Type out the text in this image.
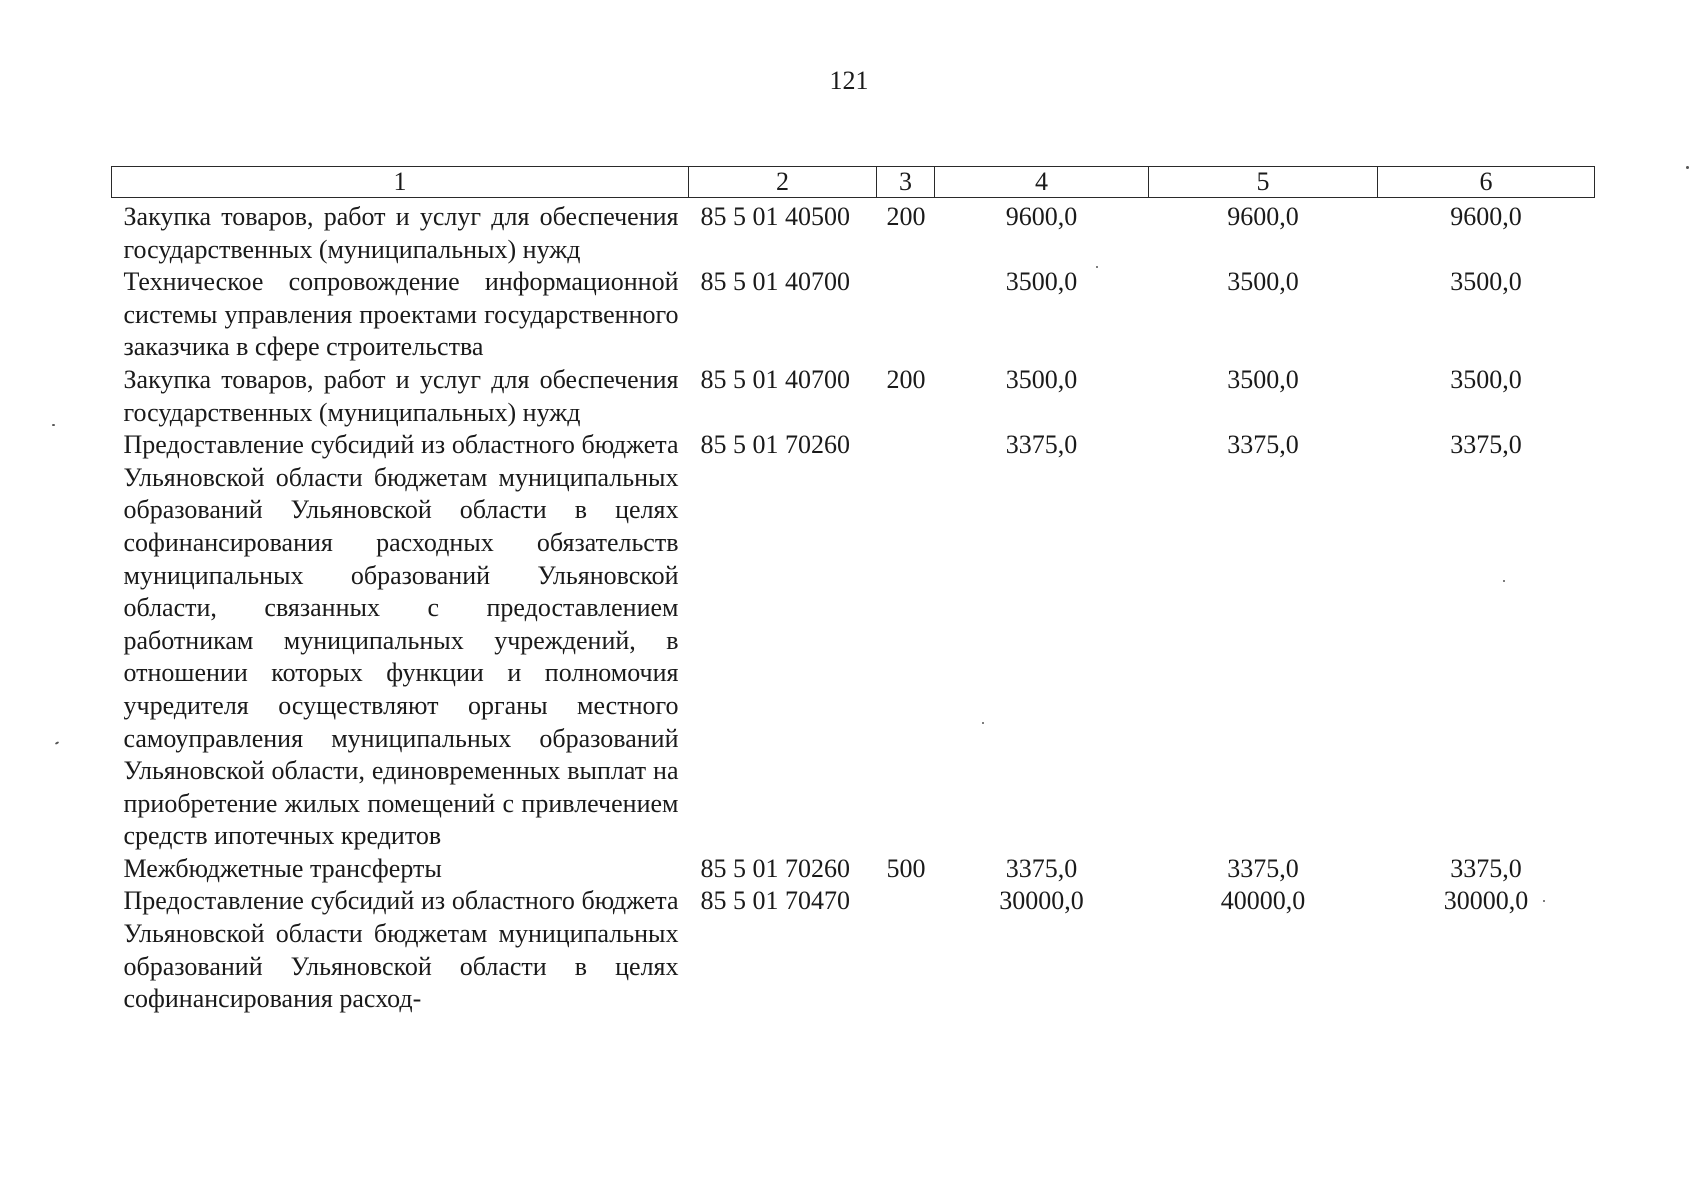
121
1	2	3	4	5	6
Закупка товаров, работ и услуг для обеспечения государственных (муниципальных) нужд	85 5 01 40500	200	9600,0	9600,0	9600,0
Техническое сопровождение информационной системы управления проектами государственного заказчика в сфере строительства	85 5 01 40700		3500,0	3500,0	3500,0
Закупка товаров, работ и услуг для обеспечения государственных (муниципальных) нужд	85 5 01 40700	200	3500,0	3500,0	3500,0
Предоставление субсидий из областного бюджета Ульяновской области бюджетам муниципальных образований Ульяновской области в целях софинансирования расходных обязательств муниципальных образований Ульяновской области, связанных с предоставлением работникам муниципальных учреждений, в отношении которых функции и полномочия учредителя осуществляют органы местного самоуправления муниципальных образований Ульяновской области, единовременных выплат на приобретение жилых помещений с привлечением средств ипотечных кредитов	85 5 01 70260		3375,0	3375,0	3375,0
Межбюджетные трансферты	85 5 01 70260	500	3375,0	3375,0	3375,0
Предоставление субсидий из областного бюджета Ульяновской области бюджетам муниципальных образований Ульяновской области в целях софинансирования расход-	85 5 01 70470		30000,0	40000,0	30000,0
